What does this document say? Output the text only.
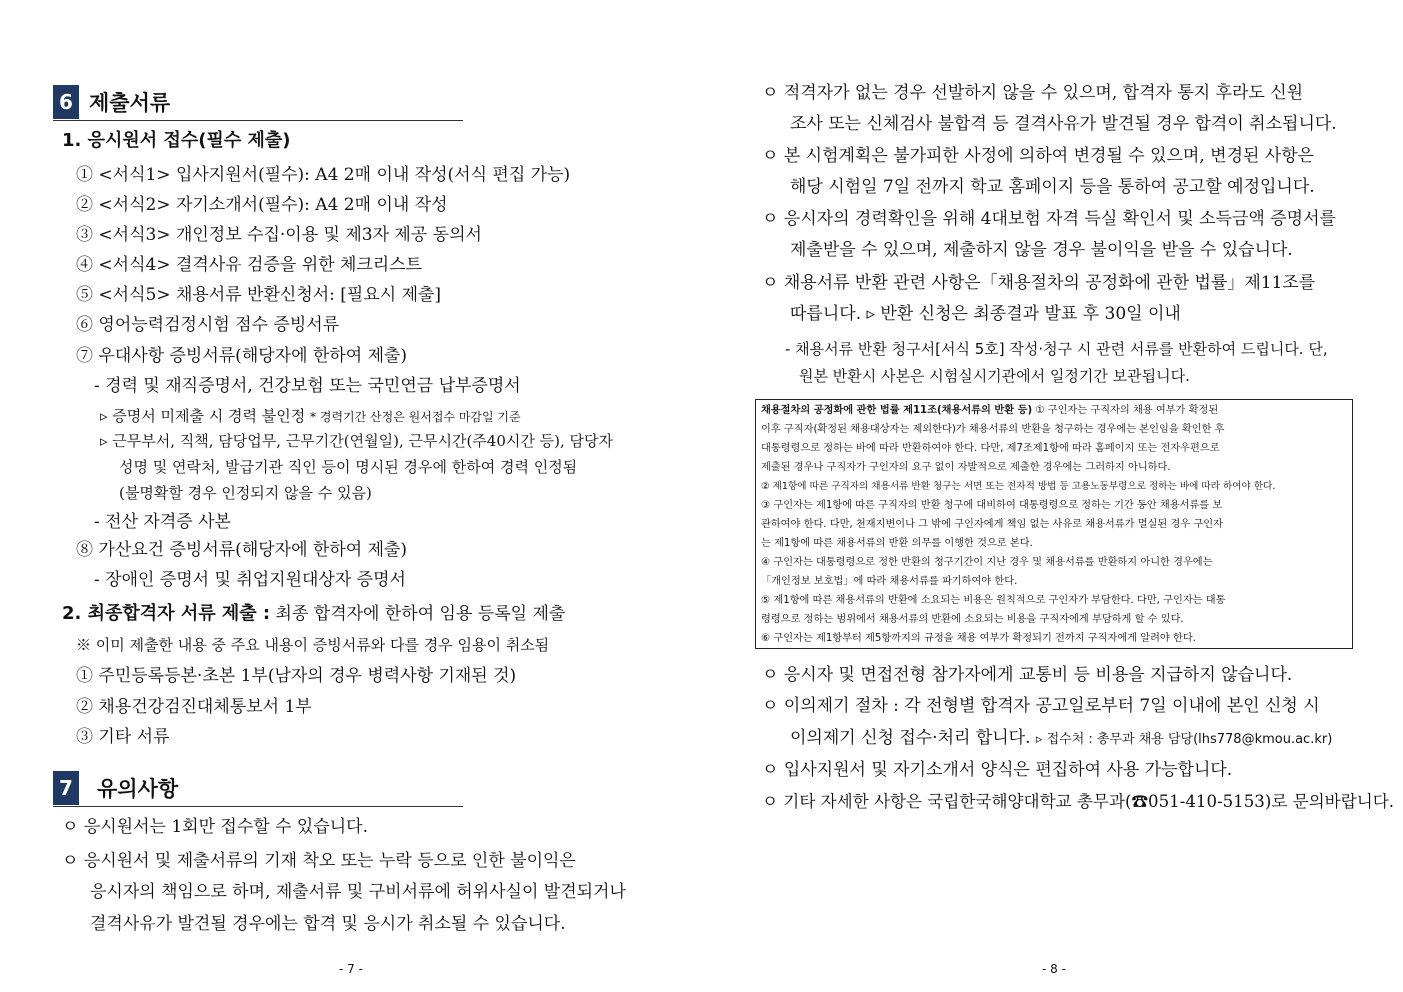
6 제출서류
1. 응시원서 접수(필수 제출)
① <서식1> 입사지원서(필수): A4 2매 이내 작성(서식 편집 가능)
② <서식2> 자기소개서(필수): A4 2매 이내 작성
③ <서식3> 개인정보 수집·이용 및 제3자 제공 동의서
④ <서식4> 결격사유 검증을 위한 체크리스트
⑤ <서식5> 채용서류 반환신청서: [필요시 제출]
⑥ 영어능력검정시험 점수 증빙서류
⑦ 우대사항 증빙서류(해당자에 한하여 제출)
- 경력 및 재직증명서, 건강보험 또는 국민연금 납부증명서
▹ 증명서 미제출 시 경력 불인정 * 경력기간 산정은 원서접수 마감일 기준
▹ 근무부서, 직책, 담당업무, 근무기간(연월일), 근무시간(주40시간 등), 담당자
성명 및 연락처, 발급기관 직인 등이 명시된 경우에 한하여 경력 인정됨
(불명확할 경우 인정되지 않을 수 있음)
- 전산 자격증 사본
⑧ 가산요건 증빙서류(해당자에 한하여 제출)
- 장애인 증명서 및 취업지원대상자 증명서
2. 최종합격자 서류 제출 : 최종 합격자에 한하여 임용 등록일 제출
※ 이미 제출한 내용 중 주요 내용이 증빙서류와 다를 경우 임용이 취소됨
① 주민등록등본·초본 1부(남자의 경우 병력사항 기재된 것)
② 채용건강검진대체통보서 1부
③ 기타 서류
7 유의사항
ㅇ 응시원서는 1회만 접수할 수 있습니다.
ㅇ 응시원서 및 제출서류의 기재 착오 또는 누락 등으로 인한 불이익은
응시자의 책임으로 하며, 제출서류 및 구비서류에 허위사실이 발견되거나
결격사유가 발견될 경우에는 합격 및 응시가 취소될 수 있습니다.
- 7 -
ㅇ 적격자가 없는 경우 선발하지 않을 수 있으며, 합격자 통지 후라도 신원
조사 또는 신체검사 불합격 등 결격사유가 발견될 경우 합격이 취소됩니다.
ㅇ 본 시험계획은 불가피한 사정에 의하여 변경될 수 있으며, 변경된 사항은
해당 시험일 7일 전까지 학교 홈페이지 등을 통하여 공고할 예정입니다.
ㅇ 응시자의 경력확인을 위해 4대보험 자격 득실 확인서 및 소득금액 증명서를
제출받을 수 있으며, 제출하지 않을 경우 불이익을 받을 수 있습니다.
ㅇ 채용서류 반환 관련 사항은「채용절차의 공정화에 관한 법률」제11조를
따릅니다. ▹ 반환 신청은 최종결과 발표 후 30일 이내
- 채용서류 반환 청구서[서식 5호] 작성·청구 시 관련 서류를 반환하여 드립니다. 단,
원본 반환시 사본은 시험실시기관에서 일정기간 보관됩니다.
채용절차의 공정화에 관한 법률 제11조(채용서류의 반환 등) ① 구인자는 구직자의 채용 여부가 확정된
이후 구직자(확정된 채용대상자는 제외한다)가 채용서류의 반환을 청구하는 경우에는 본인임을 확인한 후
대통령령으로 정하는 바에 따라 반환하여야 한다. 다만, 제7조제1항에 따라 홈페이지 또는 전자우편으로
제출된 경우나 구직자가 구인자의 요구 없이 자발적으로 제출한 경우에는 그러하지 아니하다.
② 제1항에 따른 구직자의 채용서류 반환 청구는 서면 또는 전자적 방법 등 고용노동부령으로 정하는 바에 따라 하여야 한다.
③ 구인자는 제1항에 따른 구직자의 반환 청구에 대비하여 대통령령으로 정하는 기간 동안 채용서류를 보
관하여야 한다. 다만, 천재지변이나 그 밖에 구인자에게 책임 없는 사유로 채용서류가 멸실된 경우 구인자
는 제1항에 따른 채용서류의 반환 의무를 이행한 것으로 본다.
④ 구인자는 대통령령으로 정한 반환의 청구기간이 지난 경우 및 채용서류를 반환하지 아니한 경우에는
「개인정보 보호법」에 따라 채용서류를 파기하여야 한다.
⑤ 제1항에 따른 채용서류의 반환에 소요되는 비용은 원칙적으로 구인자가 부담한다. 다만, 구인자는 대통
령령으로 정하는 범위에서 채용서류의 반환에 소요되는 비용을 구직자에게 부담하게 할 수 있다.
⑥ 구인자는 제1항부터 제5항까지의 규정을 채용 여부가 확정되기 전까지 구직자에게 알려야 한다.
ㅇ 응시자 및 면접전형 참가자에게 교통비 등 비용을 지급하지 않습니다.
ㅇ 이의제기 절차 : 각 전형별 합격자 공고일로부터 7일 이내에 본인 신청 시
이의제기 신청 접수·처리 합니다. ▹ 접수처 : 총무과 채용 담당(lhs778@kmou.ac.kr)
ㅇ 입사지원서 및 자기소개서 양식은 편집하여 사용 가능합니다.
ㅇ 기타 자세한 사항은 국립한국해양대학교 총무과(☎051-410-5153)로 문의바랍니다.
- 8 -
